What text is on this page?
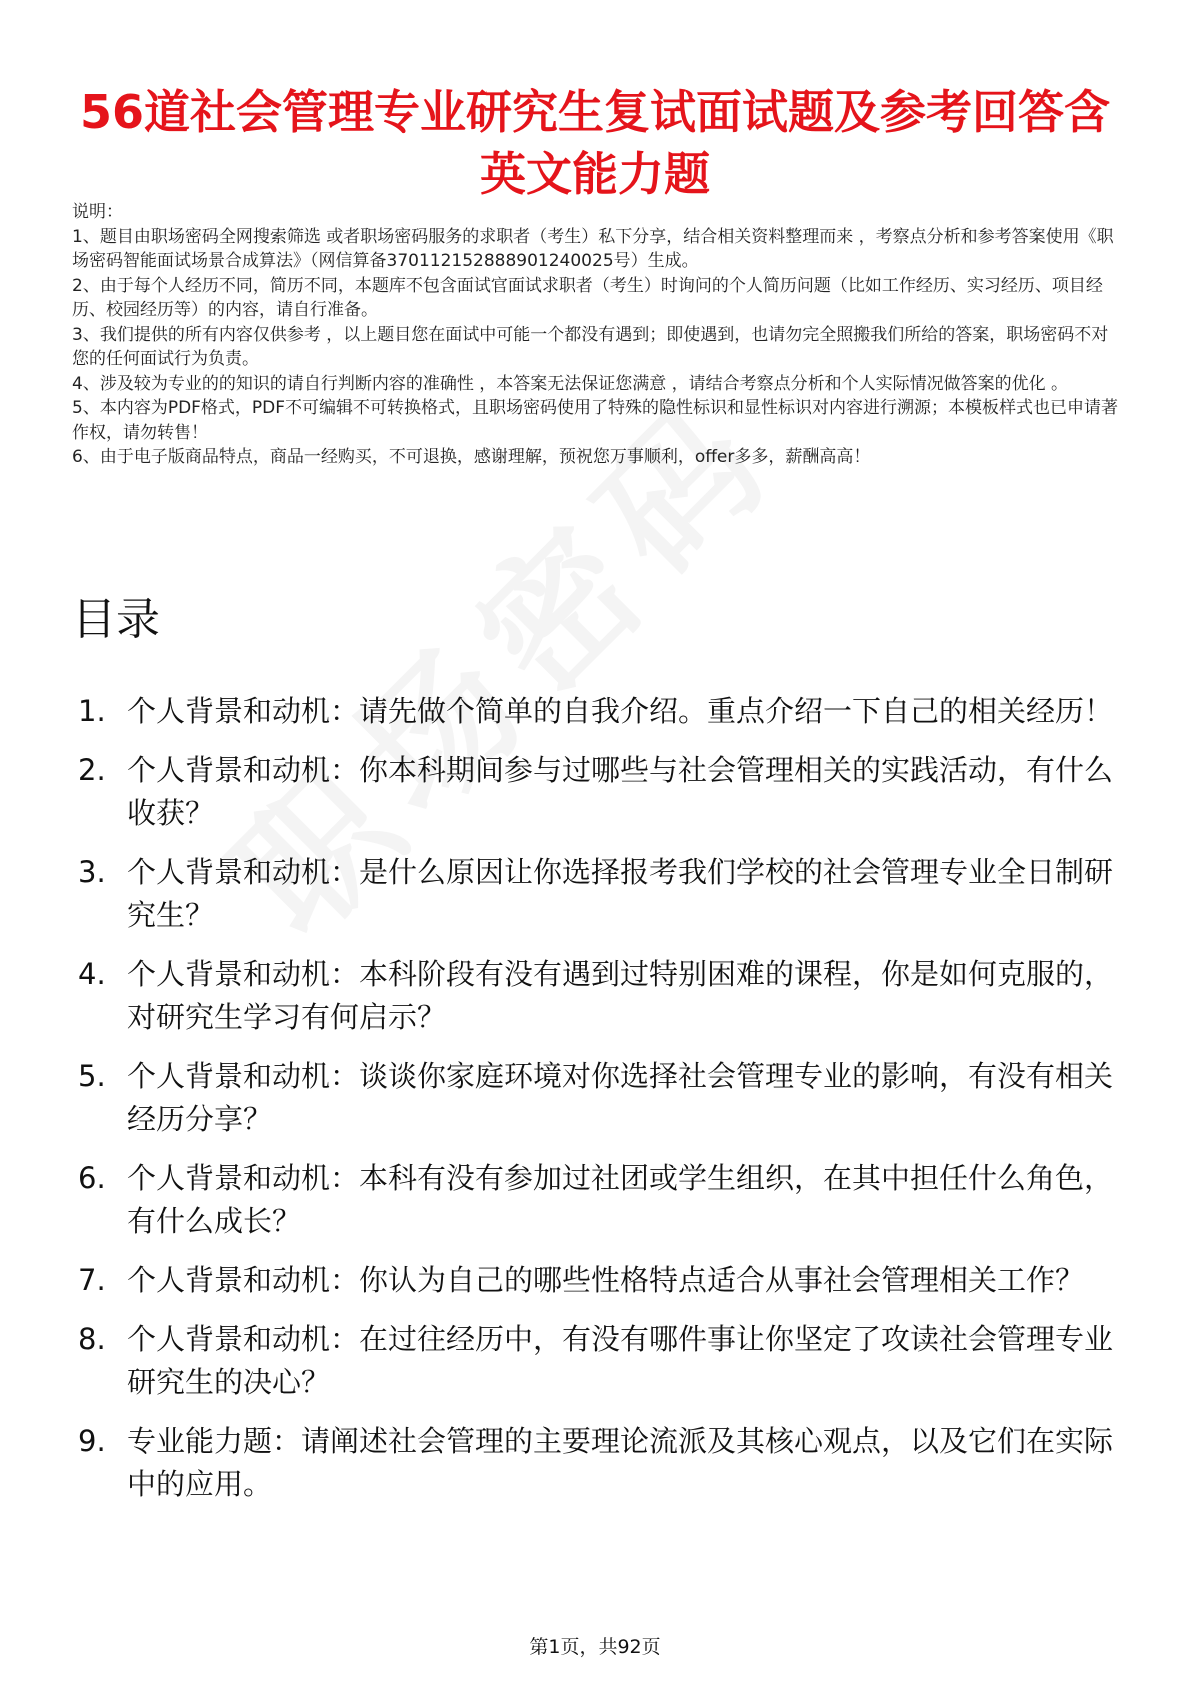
56道社会管理专业研究生复试面试题及参考回答含英文能力题

说明：

1、题目由职场密码全网搜索筛选 或者职场密码服务的求职者（考生）私下分享，结合相关资料整理而来 ，考察点分析和参考答案使用《职场密码智能面试场景合成算法》（网信算备370112152888901240025号）生成。

2、由于每个人经历不同，简历不同，本题库不包含面试官面试求职者（考生）时询问的个人简历问题（比如工作经历、实习经历、项目经历、校园经历等）的内容，请自行准备。

3、我们提供的所有内容仅供参考 ，以上题目您在面试中可能一个都没有遇到；即使遇到，也请勿完全照搬我们所给的答案，职场密码不对您的任何面试行为负责。

4、涉及较为专业的的知识的请自行判断内容的准确性 ，本答案无法保证您满意 ，请结合考察点分析和个人实际情况做答案的优化 。

5、本内容为PDF格式，PDF不可编辑不可转换格式，且职场密码使用了特殊的隐性标识和显性标识对内容进行溯源；本模板样式也已申请著作权，请勿转售！

6、由于电子版商品特点，商品一经购买，不可退换，感谢理解，预祝您万事顺利，offer多多，薪酬高高！

目录
1. 个人背景和动机：请先做个简单的自我介绍。重点介绍一下自己的相关经历！
2. 个人背景和动机：你本科期间参与过哪些与社会管理相关的实践活动，有什么收获？
3. 个人背景和动机：是什么原因让你选择报考我们学校的社会管理专业全日制研究生？
4. 个人背景和动机：本科阶段有没有遇到过特别困难的课程，你是如何克服的，对研究生学习有何启示？
5. 个人背景和动机：谈谈你家庭环境对你选择社会管理专业的影响，有没有相关经历分享？
6. 个人背景和动机：本科有没有参加过社团或学生组织，在其中担任什么角色，有什么成长？
7. 个人背景和动机：你认为自己的哪些性格特点适合从事社会管理相关工作？
8. 个人背景和动机：在过往经历中，有没有哪件事让你坚定了攻读社会管理专业研究生的决心？
9. 专业能力题：请阐述社会管理的主要理论流派及其核心观点，以及它们在实际中的应用。
第1页，共92页
